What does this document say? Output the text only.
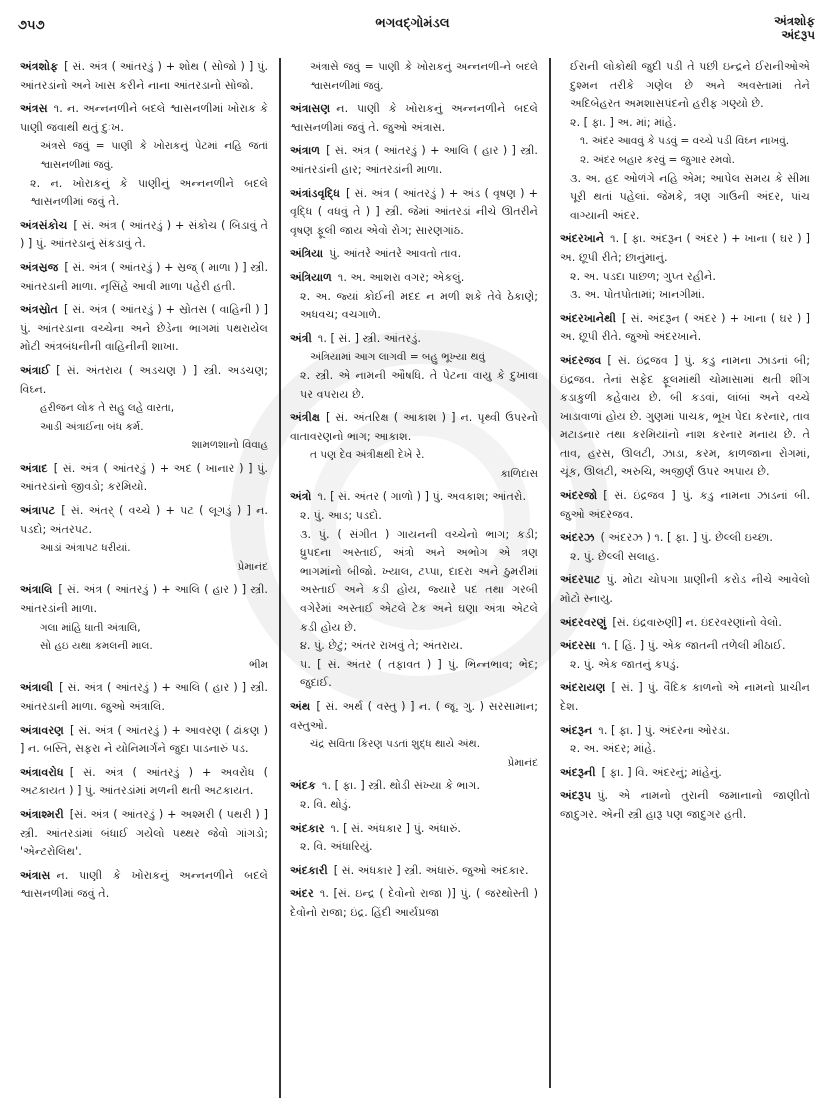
૭૫૭	ભગવદ્ગોમંડલ	અંત્રશોફ
અંદરૂપ

અંત્રશોફ [ સં. અંત્ર ( આંતરડું ) + શોથ ( સોજો ) ] પું. આંતરડાંનો અને ખાસ કરીને નાના આંતરડાનો સોજો.

અંત્રસ ૧. ન. અન્નનળીને બદલે શ્વાસનળીમાં ખોરાક કે પાણી જવાથી થતું દુઃખ.

અંત્રસે જવું = પાણી કે ખોરાકનું પેટમાં નહિ જતાં શ્વાસનળીમાં જવું.

૨. ન. ખોરાકનું કે પાણીનું અન્નનળીને બદલે શ્વાસનળીમાં જવું તે.

અંત્રસંકોચ [ સં. અંત્ર ( આંતરડું ) + સંકોચ ( બિડાવું તે ) ] પું. આંતરડાનું સંકડાવું તે.

અંત્રસ્રજ [ સં. અંત્ર ( આંતરડું ) + સ્રજ્ ( માળા ) ] સ્ત્રી. આંતરડાની માળા. નૃસિંહે આવી માળા પહેરી હતી.

અંત્રસ્રોત [ સં. અંત્ર ( આંતરડું ) + સ્રોતસ ( વાહિની ) ] પું. આંતરડાના વચ્ચેના અને છેડેના ભાગમાં પથરાયેલ મોટી અંત્રબંધનીની વાહિનીની શાખા.

અંત્રાઈ [ સં. અંતરાય ( અડચણ ) ] સ્ત્રી. અડચણ; વિઘ્ન.

હરીજન લોક તે સહુ લહે વારતા,

આડી અંત્રાઈના બંધ કર્મ.

શામળશાનો વિવાહ

અંત્રાદ [ સં. અંત્ર ( આંતરડું ) + અદ ( ખાનાર ) ] પું. આંતરડાંનો જીવડો; કરમિયો.

અંત્રાપટ [ સં. અંતર્ ( વચ્ચે ) + પટ ( લૂગડું ) ] ન. પડદો; અંતરપટ.

આડાં અંત્રાપટ ધરીયાં.

પ્રેમાનંદ

અંત્રાલિ [ સં. અંત્ર ( આંતરડું ) + આલિ ( હાર ) ] સ્ત્રી. આંતરડાંની માળા.

ગલા માંહિ ધાતી અંત્રાલિ,

સો હઇ યથા કમલની માલ.

ભીમ

અંત્રાલી [ સં. અંત્ર ( આંતરડું ) + આલિ ( હાર ) ] સ્ત્રી. આંતરડાની માળા. જુઓ અંત્રાલિ.

અંત્રાવરણ [ સં. અંત્ર ( આંતરડું ) + આવરણ ( ઢાંકણ ) ] ન. બસ્તિ, સફરા ને યોનિમાર્ગને જુદા પાડનારું પડ.

અંત્રાવરોધ [ સં. અંત્ર ( આંતરડું ) + અવરોધ ( અટકાયત ) ] પું. આંતરડાંમાં મળની થતી અટકાયત.

અંત્રાશ્મરી [સં. અંત્ર ( આંતરડું ) + અશ્મરી ( પથરી ) ] સ્ત્રી. આંતરડાંમાં બંધાઈ ગયેલો પથ્થર જેવો ગાંગડો; 'એન્ટરોલિથ'.

અંત્રાસ ન. પાણી કે ખોરાકનું અન્નનળીને બદલે શ્વાસનળીમાં જવું તે.

અંત્રાસે જવું = પાણી કે ખોરાકનું અન્નનળી-ને બદલે શ્વાસનળીમાં જવું.

અંત્રાસણ ન. પાણી કે ખોરાકનું અન્નનળીને બદલે શ્વાસનળીમાં જવું તે. જુઓ અંત્રાસ.

અંત્રાળ [ સં. અંત્ર ( આંતરડું ) + આલિ ( હાર ) ] સ્ત્રી. આંતરડાંની હાર; આંતરડાંની માળા.

અંત્રાંડવૃદ્ધિ [ સં. અંત્ર ( આંતરડું ) + અંડ ( વૃષણ ) + વૃદ્ધિ ( વધવું તે ) ] સ્ત્રી. જેમાં આંતરડાં નીચે ઊતરીને વૃષણ ફૂલી જાય એવો રોગ; સારણગાંઠ.

અંત્રિયા પું. આંતરે આંતરે આવતો તાવ.

અંત્રિયાળ ૧. અ. આશરા વગર; એકલું.

૨. અ. જ્યાં કોઈની મદદ ન મળી શકે તેવે ઠેકાણે; અધવચ; વચગાળે.

અંત્રી ૧. [ સં. ] સ્ત્રી. આંતરડું.

અંત્રિયામાં આગ લાગવી = બહુ ભૂખ્યા થવું

૨. સ્ત્રી. એ નામની ઔષધિ. તે પેટના વાયુ કે દુખાવા પર વપરાય છે.

અંત્રીક્ષ [ સં. અંતરિક્ષ ( આકાશ ) ] ન. પૃથ્વી ઉપરનો વાતાવરણનો ભાગ; આકાશ.

ત પણ દેવ અંત્રીક્ષથી દેખે રે.

કાળિદાસ

અંત્રો ૧. [ સં. અંતર ( ગાળો ) ] પું. અવકાશ; આંતરો.

૨. પું. આડ; પડદો.

૩. પું. ( સંગીત ) ગાયનની વચ્ચેનો ભાગ; કડી; ધ્રુપદના અસ્તાઈ, અંત્રો અને અભોગ એ ત્રણ ભાગમાંનો બીજો. ખ્યાલ, ટપ્પા, દાદરા અને ઠુમરીમાં અસ્તાઈ અને કડી હોય, જ્યારે પદ તથા ગરબી વગેરેમાં અસ્તાઈ એટલે ટેક અને ઘણા અંત્રા એટલે કડી હોય છે.

૪. પું. છેટું; અંતર રાખવું તે; અંતરાય.

૫. [ સં. અંતર ( તફાવત ) ] પું. ભિન્નભાવ; ભેદ; જુદાઈ.

અંથ [ સં. અર્થ ( વસ્તુ ) ] ન. ( જૂ. ગુ. ) સરસામાન; વસ્તુઓ.

ચંદ્ર સવિતા કિરણ પડતાં શુદ્ધ થાયે અંથ.

પ્રેમાનંદ

અંદક ૧. [ ફા. ] સ્ત્રી. થોડી સંખ્યા કે ભાગ.

૨. વિ. થોડું.

અંદકાર ૧. [ સં. અંધકાર ] પું. અંધારું.

૨. વિ. અંધારિયું.

અંદકારી [ સં. અંધકાર ] સ્ત્રી. અંધારું. જુઓ અંદકાર.

અંદર ૧. [સં. ઇન્દ્ર ( દેવોનો રાજા )] પું. ( જરથોસ્તી ) દેવોનો રાજા; ઇંદ્ર. હિંદી આર્યપ્રજા

ઈરાની લોકોથી જુદી પડી તે પછી ઇન્દ્રને ઈરાનીઓએ દુશ્મન તરીકે ગણેલ છે અને અવસ્તામાં તેને અદિબેહરત અમશાસપંદનો હરીફ ગણ્યો છે.

૨. [ ફા. ] અ. માં; માંહે.

૧. અંદર આવવું કે પડવું = વચ્ચે પડી વિઘ્ન નાખવું.

૨. અંદર બહાર કરવું = જુગાર રમવો.

૩. અ. હદ ઓળંગે નહિ એમ; આપેલ સમય કે સીમા પૂરી થતાં પહેલાં. જેમકે, ત્રણ ગાઉની અંદર, પાંચ વાગ્યાની અંદર.

અંદરખાને ૧. [ ફા. અંદરૂન ( અંદર ) + ખાના ( ઘર ) ] અ. છૂપી રીતે; છાનુંમાનું.

૨. અ. પડદા પાછળ; ગુપ્ત રહીને.

૩. અ. પોતપોતામાં; ખાનગીમાં.

અંદરખાનેથી [ સં. અંદરૂન ( અંદર ) + ખાના ( ઘર ) ] અ. છૂપી રીતે. જુઓ અંદરખાને.

અંદરજવ [ સં. ઇંદ્રજવ ] પું. કડુ નામના ઝાડનાં બી; ઇંદ્રજવ. તેનાં સફેદ ફૂલમાંથી ચોમાસામાં થતી શીંગ કડાકુળી કહેવાય છે. બી કડવાં, લાંબાં અને વચ્ચે ખાડાવાળાં હોય છે. ગુણમાં પાચક, ભૂખ પેદા કરનાર, તાવ મટાડનાર તથા કરમિયાંનો નાશ કરનાર મનાય છે. તે તાવ, હરસ, ઊલટી, ઝાડા, કરમ, કાળજાના રોગમાં, ચૂંક, ઊલટી, અરુચિ, અજીર્ણ ઉપર અપાય છે.

અંદરજો [ સં. ઇંદ્રજવ ] પું. કડુ નામના ઝાડનાં બી. જુઓ અંદરજવ.

અંદરઝ ( અંદરઝ ) ૧. [ ફા. ] પું. છેલ્લી ઇચ્છા.

૨. પું. છેલ્લી સલાહ.

અંદરપાટ પું. મોટા ચોપગા પ્રાણીની કરોડ નીચે આવેલો મોટો સ્નાયુ.

અંદરવરણું [સં. ઇંદ્રવારુણી] ન. ઇંદરવરણાંનો વેલો.

અંદરસા ૧. [ હિં. ] પું. એક જાતની તળેલી મીઠાઈ.

૨. પું. એક જાતનું કપડું.

અંદરાયણ [ સં. ] પું. વૈદિક કાળનો એ નામનો પ્રાચીન દેશ.

અંદરૂન ૧. [ ફા. ] પું. અંદરના ઓરડા.

૨. અ. અંદર; માંહે.

અંદરૂની [ ફા. ] વિ. અંદરનું; માંહેનું.

અંદરૂપ પું. એ નામનો તુરાની જમાનાનો જાણીતો જાદુગર. એની સ્ત્રી હારૂ પણ જાદુગર હતી.
